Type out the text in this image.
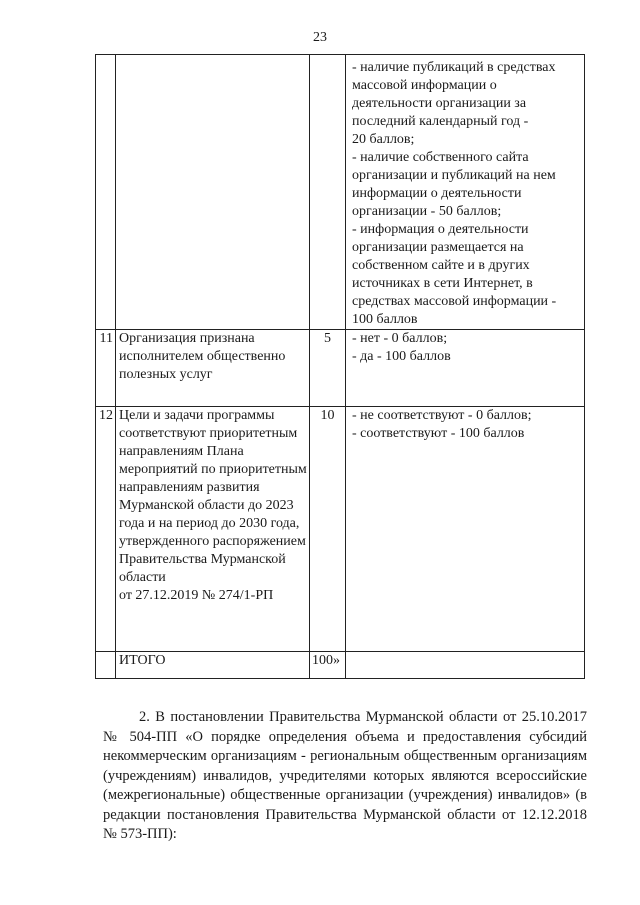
23

			- наличие публикаций в средствах массовой информации о деятельности организации за последний календарный год -
20 баллов;
- наличие собственного сайта организации и публикаций на нем информации о деятельности организации - 50 баллов;
- информация о деятельности организации размещается на собственном сайте и в других источниках в сети Интернет, в средствах массовой информации -
100 баллов

11	Организация признана исполнителем общественно полезных услуг	5	- нет - 0 баллов;
- да - 100 баллов

12	Цели и задачи программы соответствуют приоритетным направлениям Плана мероприятий по приоритетным направлениям развития Мурманской области до 2023 года и на период до 2030 года, утвержденного распоряжением Правительства Мурманской области
от 27.12.2019 № 274/1-РП	10	- не соответствуют - 0 баллов;
- соответствуют - 100 баллов

	ИТОГО	100»	
2. В постановлении Правительства Мурманской области от 25.10.2017 № 504-ПП «О порядке определения объема и предоставления субсидий некоммерческим организациям - региональным общественным организациям (учреждениям) инвалидов, учредителями которых являются всероссийские (межрегиональные) общественные организации (учреждения) инвалидов» (в редакции постановления Правительства Мурманской области от 12.12.2018 № 573-ПП):
